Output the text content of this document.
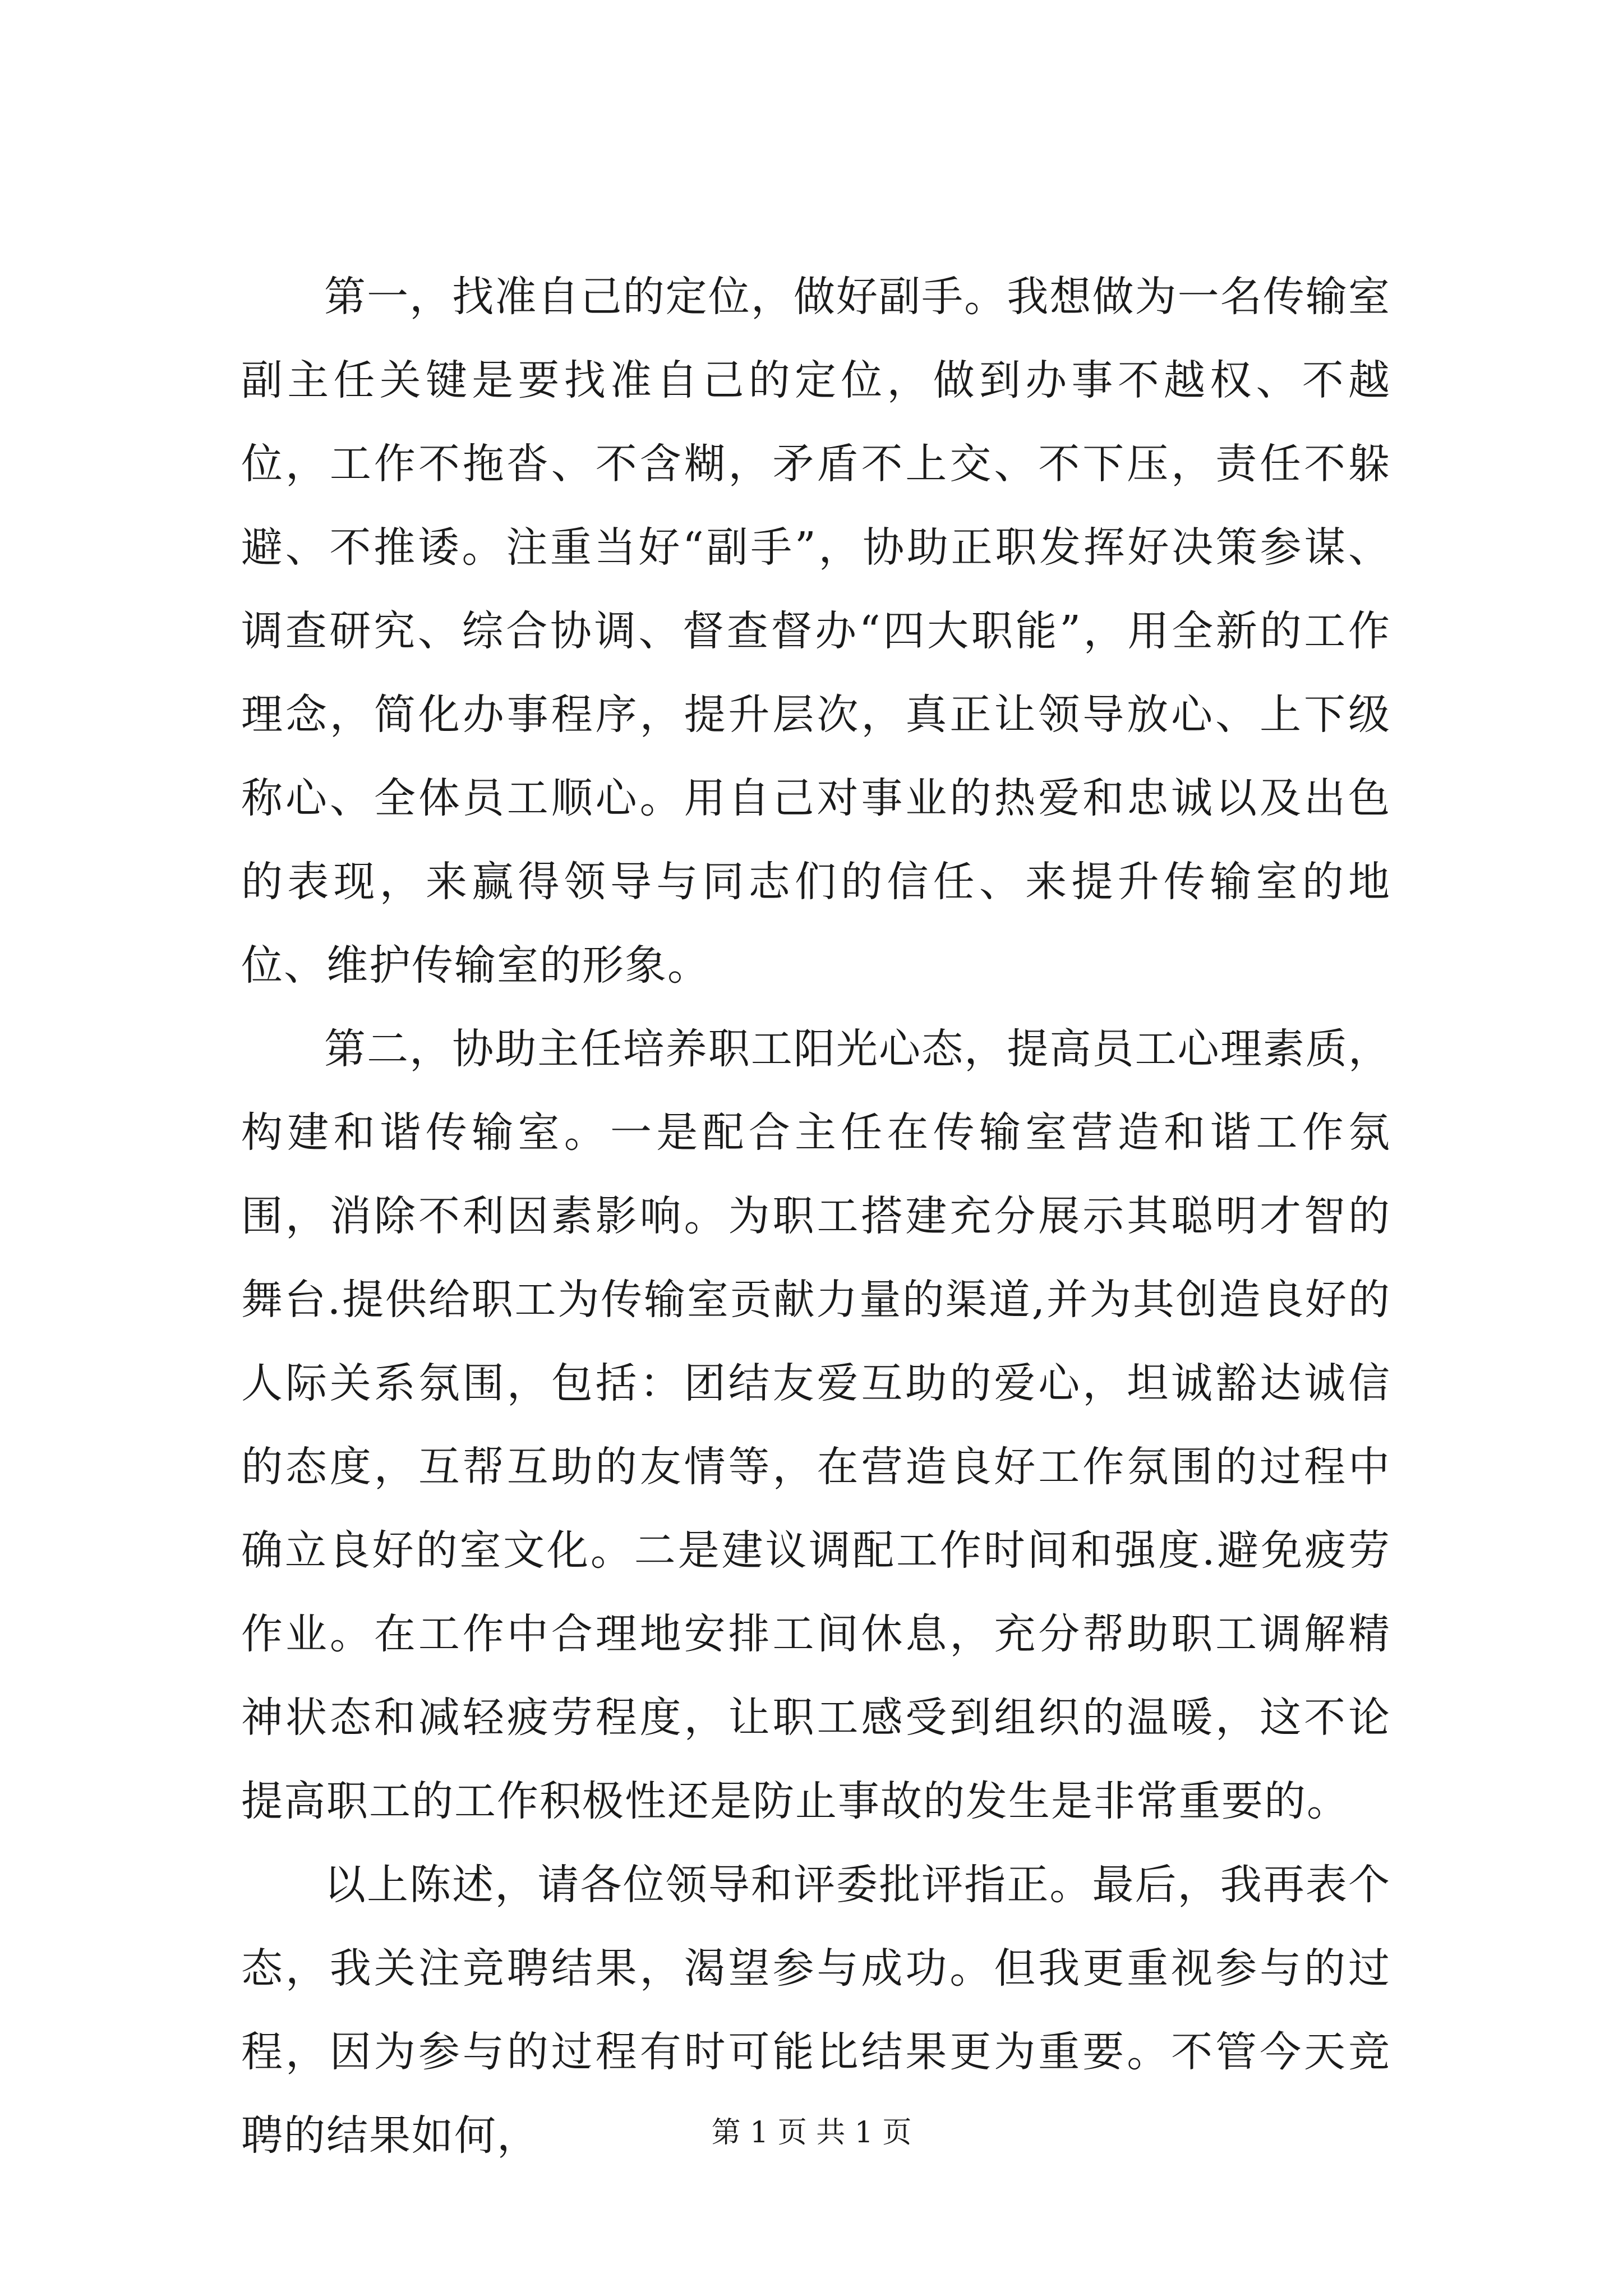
第一，找准自己的定位，做好副手。我想做为一名传输室副主任关键是要找准自己的定位，做到办事不越权、不越位，工作不拖沓、不含糊，矛盾不上交、不下压，责任不躲避、不推诿。注重当好“副手”，协助正职发挥好决策参谋、调查研究、综合协调、督查督办“四大职能”，用全新的工作理念，简化办事程序，提升层次，真正让领导放心、上下级称心、全体员工顺心。用自己对事业的热爱和忠诚以及出色的表现，来赢得领导与同志们的信任、来提升传输室的地位、维护传输室的形象。

第二，协助主任培养职工阳光心态，提高员工心理素质，构建和谐传输室。一是配合主任在传输室营造和谐工作氛围，消除不利因素影响。为职工搭建充分展示其聪明才智的舞台.提供给职工为传输室贡献力量的渠道,并为其创造良好的人际关系氛围，包括：团结友爱互助的爱心，坦诚豁达诚信的态度，互帮互助的友情等，在营造良好工作氛围的过程中确立良好的室文化。二是建议调配工作时间和强度.避免疲劳作业。在工作中合理地安排工间休息，充分帮助职工调解精神状态和减轻疲劳程度，让职工感受到组织的温暖，这不论提高职工的工作积极性还是防止事故的发生是非常重要的。

以上陈述，请各位领导和评委批评指正。最后，我再表个态，我关注竞聘结果，渴望参与成功。但我更重视参与的过程，因为参与的过程有时可能比结果更为重要。不管今天竞聘的结果如何，	第 1 页 共 1 页
